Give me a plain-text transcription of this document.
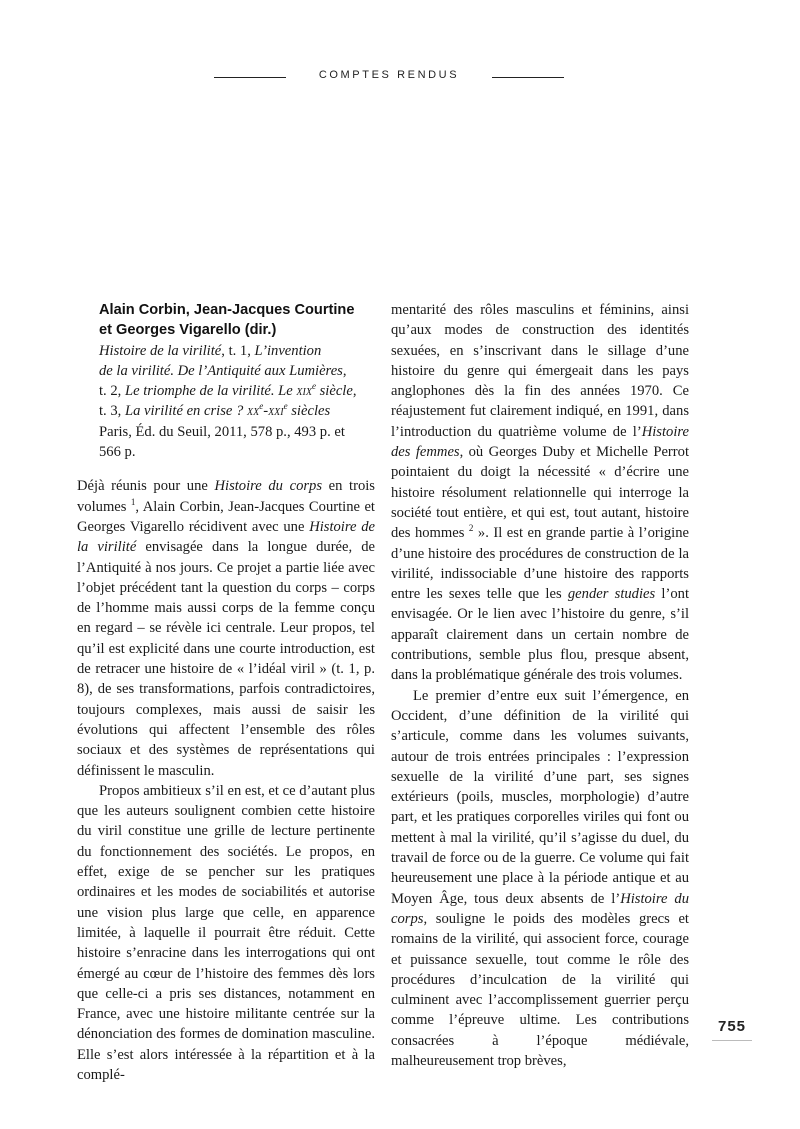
COMPTES RENDUS
Alain Corbin, Jean-Jacques Courtine
et Georges Vigarello (dir.)
Histoire de la virilité, t. 1, L’invention
de la virilité. De l’Antiquité aux Lumières,
t. 2, Le triomphe de la virilité. Le xix$^e$ siècle,
t. 3, La virilité en crise ? $xx^e-xxi^e$ siècles
Paris, Éd. du Seuil, 2011, 578 p., 493 p. et
566 p.

Déjà réunis pour une Histoire du corps en trois volumes $^1$, Alain Corbin, Jean-Jacques Courtine et Georges Vigarello récidivent avec une Histoire de la virilité envisagée dans la longue durée, de l’Antiquité à nos jours. Ce projet a partie liée avec l’objet précédent tant la question du corps – corps de l’homme mais aussi corps de la femme conçu en regard – se révèle ici centrale. Leur propos, tel qu’il est explicité dans une courte introduction, est de retracer une histoire de « l’idéal viril » (t. 1, p. 8), de ses transformations, parfois contradictoires, toujours complexes, mais aussi de saisir les évolutions qui affectent l’ensemble des rôles sociaux et des systèmes de représentations qui définissent le masculin.

Propos ambitieux s’il en est, et ce d’autant plus que les auteurs soulignent combien cette histoire du viril constitue une grille de lecture pertinente du fonctionnement des sociétés. Le propos, en effet, exige de se pencher sur les pratiques ordinaires et les modes de sociabilités et autorise une vision plus large que celle, en apparence limitée, à laquelle il pourrait être réduit. Cette histoire s’enracine dans les interrogations qui ont émergé au cœur de l’histoire des femmes dès lors que celle-ci a pris ses distances, notamment en France, avec une histoire militante centrée sur la dénonciation des formes de domination masculine. Elle s’est alors intéressée à la répartition et à la complé-

mentarité des rôles masculins et féminins, ainsi qu’aux modes de construction des identités sexuées, en s’inscrivant dans le sillage d’une histoire du genre qui émergeait dans les pays anglophones dès la fin des années 1970. Ce réajustement fut clairement indiqué, en 1991, dans l’introduction du quatrième volume de l’Histoire des femmes, où Georges Duby et Michelle Perrot pointaient du doigt la nécessité « d’écrire une histoire résolument relationnelle qui interroge la société tout entière, et qui est, tout autant, histoire des hommes $^2$ ». Il est en grande partie à l’origine d’une histoire des procédures de construction de la virilité, indissociable d’une histoire des rapports entre les sexes telle que les gender studies l’ont envisagée. Or le lien avec l’histoire du genre, s’il apparaît clairement dans un certain nombre de contributions, semble plus flou, presque absent, dans la problématique générale des trois volumes.

Le premier d’entre eux suit l’émergence, en Occident, d’une définition de la virilité qui s’articule, comme dans les volumes suivants, autour de trois entrées principales : l’expression sexuelle de la virilité d’une part, ses signes extérieurs (poils, muscles, morphologie) d’autre part, et les pratiques corporelles viriles qui font ou mettent à mal la virilité, qu’il s’agisse du duel, du travail de force ou de la guerre. Ce volume qui fait heureusement une place à la période antique et au Moyen Âge, tous deux absents de l’Histoire du corps, souligne le poids des modèles grecs et romains de la virilité, qui associent force, courage et puissance sexuelle, tout comme le rôle des procédures d’inculcation de la virilité qui culminent avec l’accomplissement guerrier perçu comme l’épreuve ultime. Les contributions consacrées à l’époque médiévale, malheureusement trop brèves,

755
